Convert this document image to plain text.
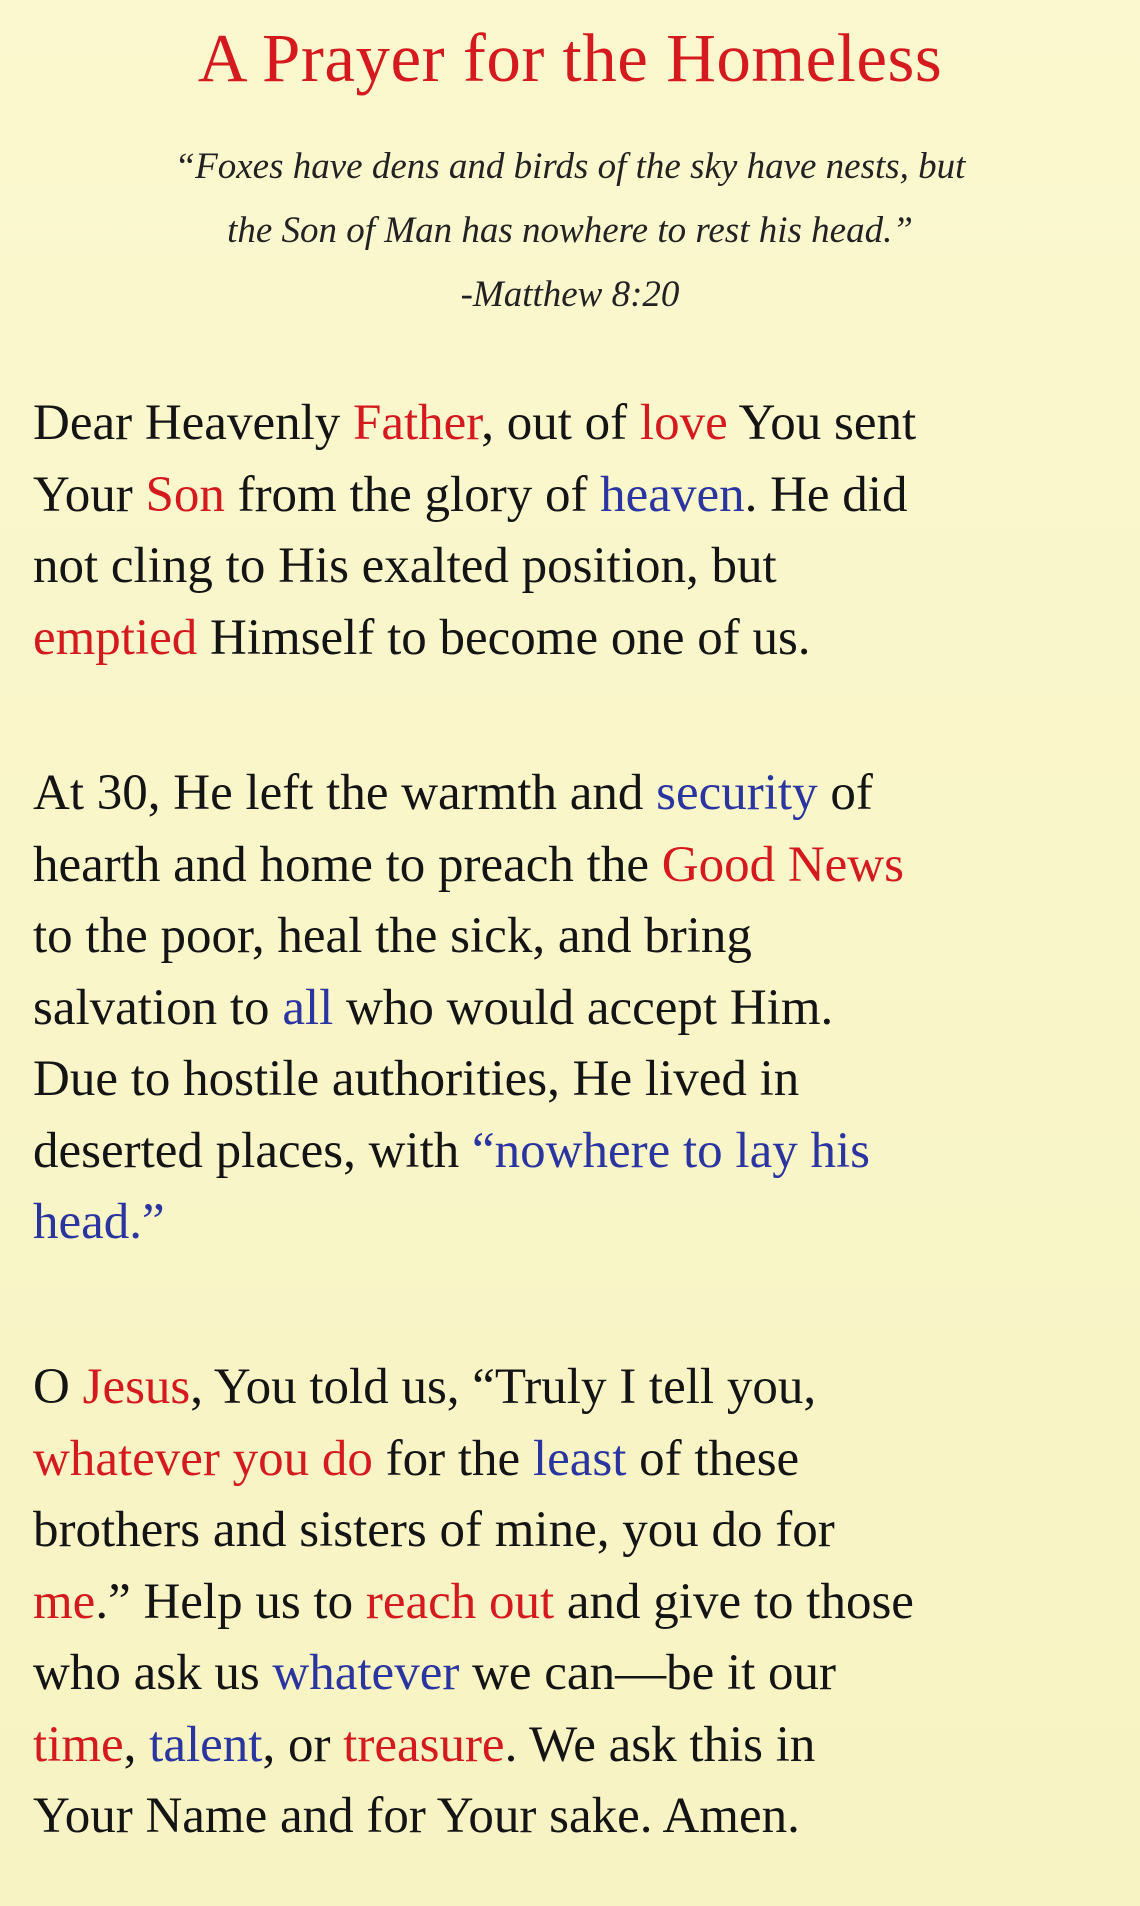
A Prayer for the Homeless
“Foxes have dens and birds of the sky have nests, but
the Son of Man has nowhere to rest his head.”
-Matthew 8:20

Dear Heavenly Father, out of love You sent
Your Son from the glory of heaven. He did
not cling to His exalted position, but
emptied Himself to become one of us.

At 30, He left the warmth and security of
hearth and home to preach the Good News
to the poor, heal the sick, and bring
salvation to all who would accept Him.
Due to hostile authorities, He lived in
deserted places, with “nowhere to lay his
head.”

O Jesus, You told us, “Truly I tell you,
whatever you do for the least of these
brothers and sisters of mine, you do for
me.” Help us to reach out and give to those
who ask us whatever we can—be it our
time, talent, or treasure. We ask this in
Your Name and for Your sake. Amen.
